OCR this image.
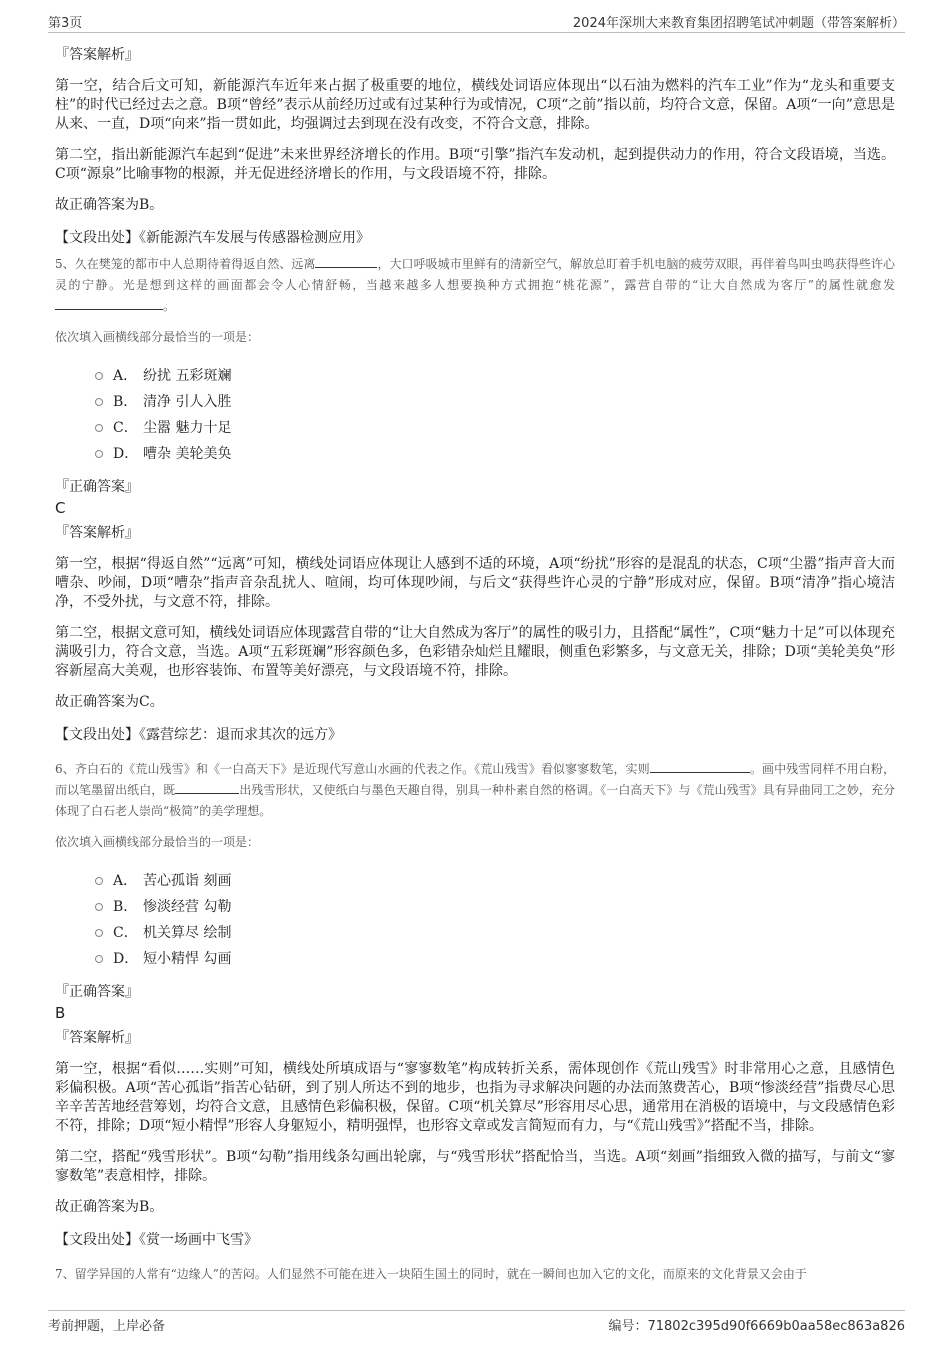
第3页	2024年深圳大来教育集团招聘笔试冲刺题（带答案解析）
『答案解析』

第一空，结合后文可知，新能源汽车近年来占据了极重要的地位，横线处词语应体现出“以石油为燃料的汽车工业”作为“龙头和重要支柱”的时代已经过去之意。B项“曾经”表示从前经历过或有过某种行为或情况，C项“之前”指以前，均符合文意，保留。A项“一向”意思是从来、一直，D项“向来”指一贯如此，均强调过去到现在没有改变，不符合文意，排除。

第二空，指出新能源汽车起到“促进”未来世界经济增长的作用。B项“引擎”指汽车发动机，起到提供动力的作用，符合文段语境，当选。C项“源泉”比喻事物的根源，并无促进经济增长的作用，与文段语境不符，排除。

故正确答案为B。

【文段出处】《新能源汽车发展与传感器检测应用》

5、久在樊笼的都市中人总期待着得返自然、远离	，大口呼吸城市里鲜有的清新空气，解放总盯着手机电脑的疲劳双眼，再伴着鸟叫虫鸣获得些许心灵的宁静。光是想到这样的画面都会令人心情舒畅，当越来越多人想要换种方式拥抱“桃花源”，露营自带的“让大自然成为客厅”的属性就愈发。

依次填入画横线部分最恰当的一项是：

A． 纷扰 五彩斑斓
B． 清净 引人入胜
C． 尘嚣 魅力十足
D． 嘈杂 美轮美奂
『正确答案』
C
『答案解析』

第一空，根据“得返自然”“远离”可知，横线处词语应体现让人感到不适的环境，A项“纷扰”形容的是混乱的状态，C项“尘嚣”指声音大而嘈杂、吵闹，D项“嘈杂”指声音杂乱扰人、喧闹，均可体现吵闹，与后文“获得些许心灵的宁静”形成对应，保留。B项“清净”指心境洁净，不受外扰，与文意不符，排除。

第二空，根据文意可知，横线处词语应体现露营自带的“让大自然成为客厅”的属性的吸引力，且搭配“属性”，C项“魅力十足”可以体现充满吸引力，符合文意，当选。A项“五彩斑斓”形容颜色多，色彩错杂灿烂且耀眼，侧重色彩繁多，与文意无关，排除；D项“美轮美奂”形容新屋高大美观，也形容装饰、布置等美好漂亮，与文段语境不符，排除。

故正确答案为C。

【文段出处】《露营综艺：退而求其次的远方》

6、齐白石的《荒山残雪》和《一白高天下》是近现代写意山水画的代表之作。《荒山残雪》看似寥寥数笔，实则	。画中残雪同样不用白粉，而以笔墨留出纸白，既	出残雪形状，又使纸白与墨色天趣自得，别具一种朴素自然的格调。《一白高天下》与《荒山残雪》具有异曲同工之妙，充分体现了白石老人崇尚“极简”的美学理想。

依次填入画横线部分最恰当的一项是：

A． 苦心孤诣 刻画
B． 惨淡经营 勾勒
C． 机关算尽 绘制
D． 短小精悍 勾画
『正确答案』
B
『答案解析』

第一空，根据“看似……实则”可知，横线处所填成语与“寥寥数笔”构成转折关系，需体现创作《荒山残雪》时非常用心之意，且感情色彩偏积极。A项“苦心孤诣”指苦心钻研，到了别人所达不到的地步，也指为寻求解决问题的办法而煞费苦心，B项“惨淡经营”指费尽心思辛辛苦苦地经营筹划，均符合文意，且感情色彩偏积极，保留。C项“机关算尽”形容用尽心思，通常用在消极的语境中，与文段感情色彩不符，排除；D项“短小精悍”形容人身躯短小，精明强悍，也形容文章或发言简短而有力，与“《荒山残雪》”搭配不当，排除。

第二空，搭配“残雪形状”。B项“勾勒”指用线条勾画出轮廓，与“残雪形状”搭配恰当，当选。A项“刻画”指细致入微的描写，与前文“寥寥数笔”表意相悖，排除。

故正确答案为B。

【文段出处】《赏一场画中飞雪》

7、留学异国的人常有“边缘人”的苦闷。人们显然不可能在进入一块陌生国土的同时，就在一瞬间也加入它的文化，而原来的文化背景又会由于

考前押题，上岸必备	编号：71802c395d90f6669b0aa58ec863a826
